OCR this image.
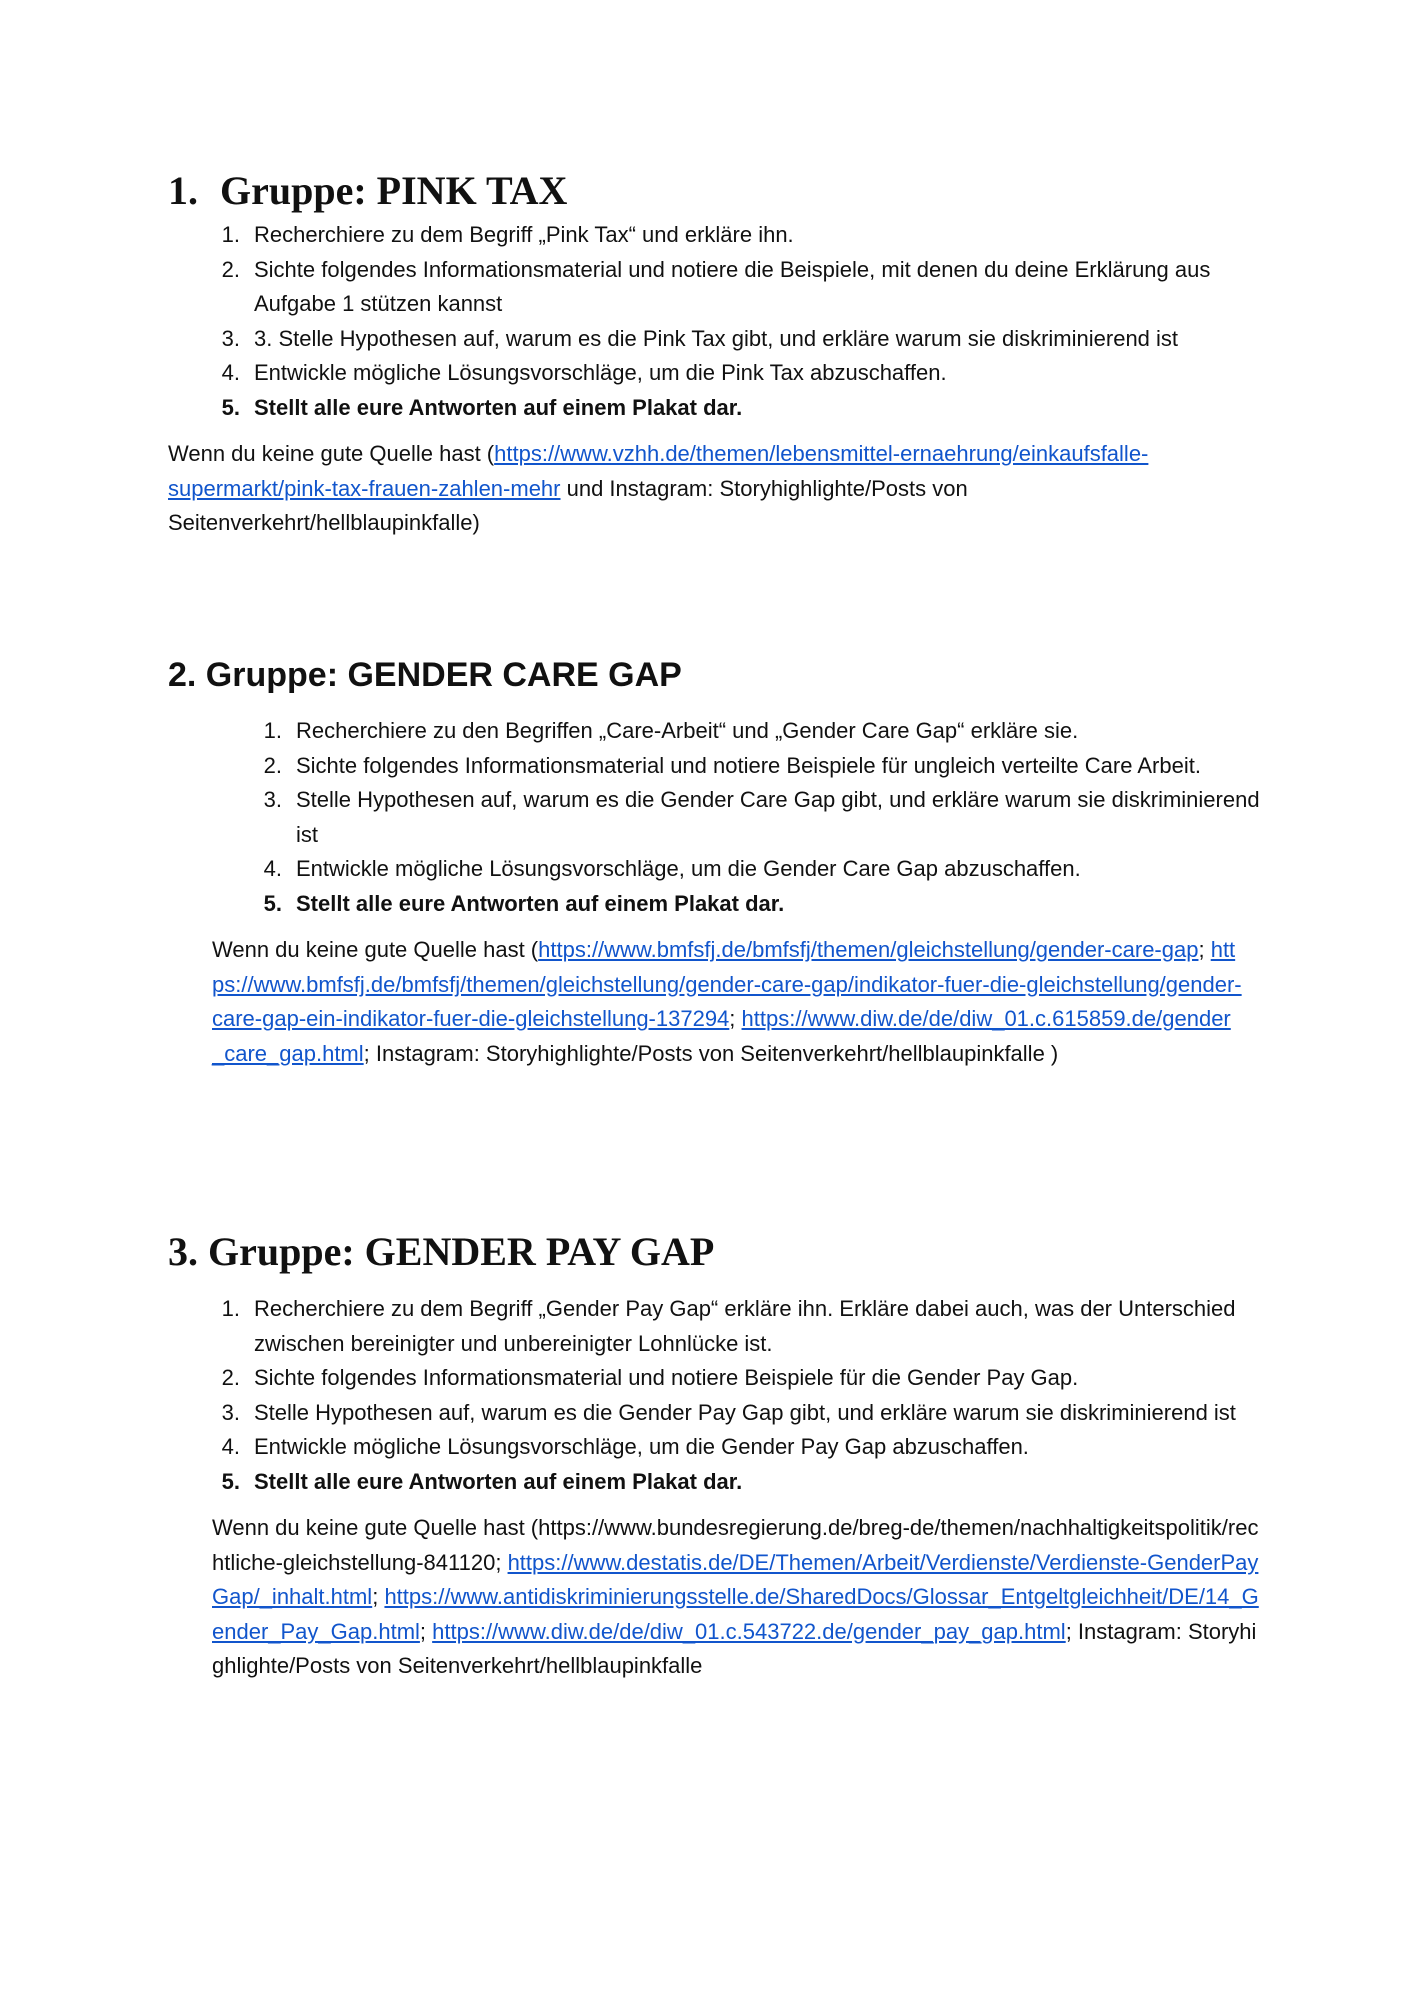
1. Gruppe: PINK TAX
1. Recherchiere zu dem Begriff „Pink Tax“ und erkläre ihn.
2. Sichte folgendes Informationsmaterial und notiere die Beispiele, mit denen du deine Erklärung aus Aufgabe 1 stützen kannst
3. 3. Stelle Hypothesen auf, warum es die Pink Tax gibt, und erkläre warum sie diskriminierend ist
4. Entwickle mögliche Lösungsvorschläge, um die Pink Tax abzuschaffen.
5. Stellt alle eure Antworten auf einem Plakat dar.

Wenn du keine gute Quelle hast (https://www.vzhh.de/themen/lebensmittel-ernaehrung/einkaufsfalle-supermarkt/pink-tax-frauen-zahlen-mehr und Instagram: Storyhighlighte/Posts von Seitenverkehrt/hellblaupinkfalle)

2. Gruppe: GENDER CARE GAP
1. Recherchiere zu den Begriffen „Care-Arbeit“ und „Gender Care Gap“ erkläre sie.
2. Sichte folgendes Informationsmaterial und notiere Beispiele für ungleich verteilte Care Arbeit.
3. Stelle Hypothesen auf, warum es die Gender Care Gap gibt, und erkläre warum sie diskriminierend ist
4. Entwickle mögliche Lösungsvorschläge, um die Gender Care Gap abzuschaffen.
5. Stellt alle eure Antworten auf einem Plakat dar.

Wenn du keine gute Quelle hast (https://www.bmfsfj.de/bmfsfj/themen/gleichstellung/gender-care-gap; https://www.bmfsfj.de/bmfsfj/themen/gleichstellung/gender-care-gap/indikator-fuer-die-gleichstellung/gender-care-gap-ein-indikator-fuer-die-gleichstellung-137294; https://www.diw.de/de/diw_01.c.615859.de/gender_care_gap.html; Instagram: Storyhighlighte/Posts von Seitenverkehrt/hellblaupinkfalle )

3. Gruppe: GENDER PAY GAP
1. Recherchiere zu dem Begriff „Gender Pay Gap“ erkläre ihn. Erkläre dabei auch, was der Unterschied zwischen bereinigter und unbereinigter Lohnlücke ist.
2. Sichte folgendes Informationsmaterial und notiere Beispiele für die Gender Pay Gap.
3. Stelle Hypothesen auf, warum es die Gender Pay Gap gibt, und erkläre warum sie diskriminierend ist
4. Entwickle mögliche Lösungsvorschläge, um die Gender Pay Gap abzuschaffen.
5. Stellt alle eure Antworten auf einem Plakat dar.

Wenn du keine gute Quelle hast (https://www.bundesregierung.de/breg-de/themen/nachhaltigkeitspolitik/rechtliche-gleichstellung-841120; https://www.destatis.de/DE/Themen/Arbeit/Verdienste/Verdienste-GenderPayGap/_inhalt.html; https://www.antidiskriminierungsstelle.de/SharedDocs/Glossar_Entgeltgleichheit/DE/14_Gender_Pay_Gap.html; https://www.diw.de/de/diw_01.c.543722.de/gender_pay_gap.html; Instagram: Storyhighlighte/Posts von Seitenverkehrt/hellblaupinkfalle
